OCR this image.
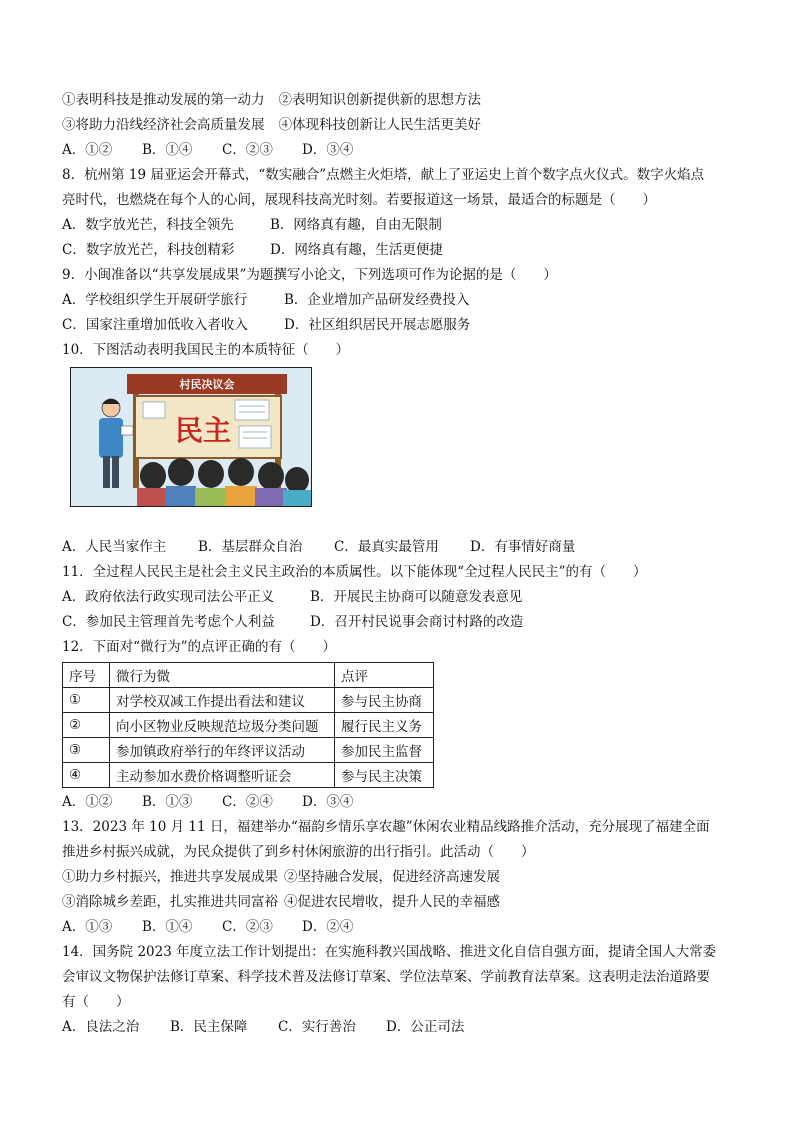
①表明科技是推动发展的第一动力 ②表明知识创新提供新的思想方法
③将助力沿线经济社会高质量发展 ④体现科技创新让人民生活更美好
A．①② B．①④ C．②③ D．③④
8．杭州第 19 届亚运会开幕式，“数实融合”点燃主火炬塔，献上了亚运史上首个数字点火仪式。数字火焰点
亮时代，也燃烧在每个人的心间，展现科技高光时刻。若要报道这一场景，最适合的标题是（　　）
A．数字放光芒，科技全领先	B．网络真有趣，自由无限制
C．数字放光芒，科技创精彩	D．网络真有趣，生活更便捷
9．小闽准备以“共享发展成果”为题撰写小论文，下列选项可作为论据的是（　　）
A．学校组织学生开展研学旅行	B．企业增加产品研发经费投入
C．国家注重增加低收入者收入	D．社区组织居民开展志愿服务
10．下图活动表明我国民主的本质特征（　　）
村民决议会
民主
A．人民当家作主 B．基层群众自治 C．最真实最管用 D．有事情好商量
11．全过程人民民主是社会主义民主政治的本质属性。以下能体现“全过程人民民主”的有（　　）
A．政府依法行政实现司法公平正义	B．开展民主协商可以随意发表意见
C．参加民主管理首先考虑个人利益	D．召开村民说事会商讨村路的改造
12．下面对“微行为”的点评正确的有（　　）
序号	微行为微	点评
①	对学校双减工作提出看法和建议	参与民主协商
②	向小区物业反映规范垃圾分类问题	履行民主义务
③	参加镇政府举行的年终评议活动	参加民主监督
④	主动参加水费价格调整听证会	参与民主决策
A．①② B．①③ C．②④ D．③④
13．2023 年 10 月 11 日，福建举办“福韵乡情乐享农趣”休闲农业精品线路推介活动，充分展现了福建全面
推进乡村振兴成就，为民众提供了到乡村休闲旅游的出行指引。此活动（　　）
①助力乡村振兴，推进共享发展成果 ②坚持融合发展，促进经济高速发展
③消除城乡差距，扎实推进共同富裕 ④促进农民增收，提升人民的幸福感
A．①③ B．①④ C．②③ D．②④
14．国务院 2023 年度立法工作计划提出：在实施科教兴国战略、推进文化自信自强方面，提请全国人大常委
会审议文物保护法修订草案、科学技术普及法修订草案、学位法草案、学前教育法草案。这表明走法治道路要
有（　　）
A．良法之治 B．民主保障 C．实行善治 D．公正司法
